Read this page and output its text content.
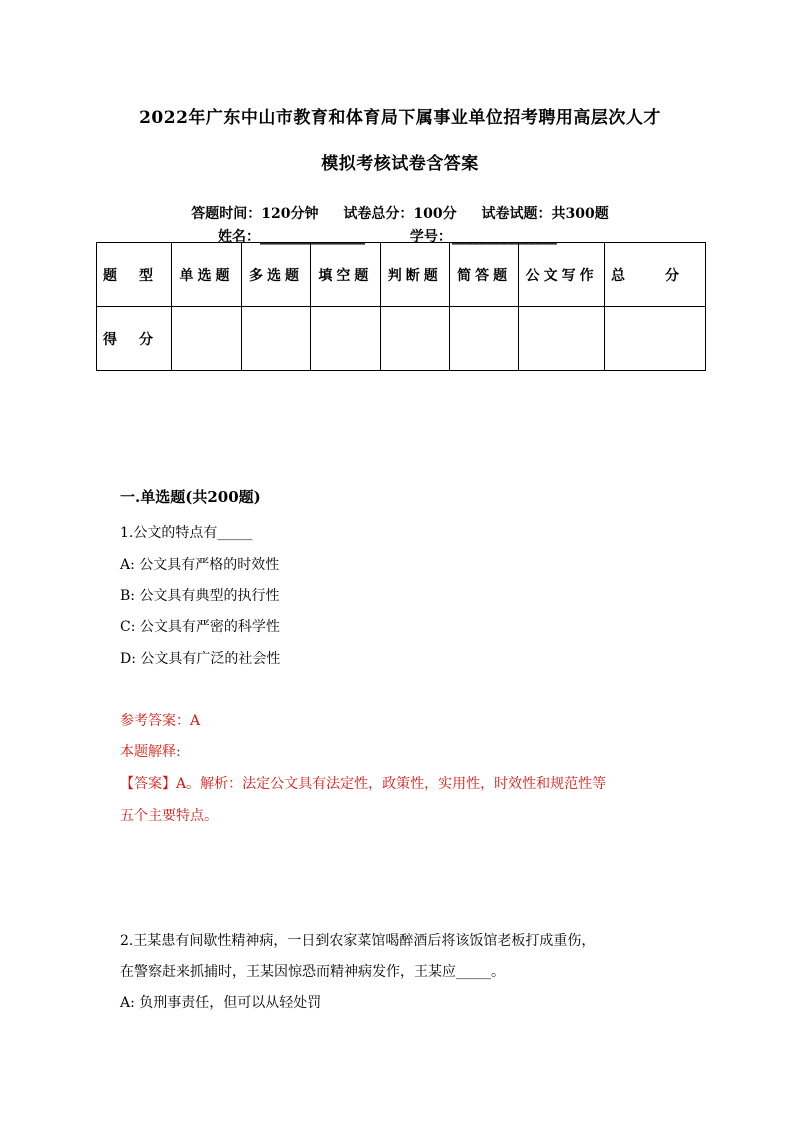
2022年广东中山市教育和体育局下属事业单位招考聘用高层次人才
模拟考核试卷含答案
答题时间：120分钟 试卷总分：100分 试卷试题：共300题
姓名：_______________	学号：_______________
题　型	单选题	多选题	填空题	判断题	简答题	公文写作	总　　分
得　分							
一.单选题(共200题)
1.公文的特点有_____
A: 公文具有严格的时效性
B: 公文具有典型的执行性
C: 公文具有严密的科学性
D: 公文具有广泛的社会性
参考答案：A
本题解释:
【答案】A。解析：法定公文具有法定性，政策性，实用性，时效性和规范性等
五个主要特点。
2.王某患有间歇性精神病，一日到农家菜馆喝醉酒后将该饭馆老板打成重伤，
在警察赶来抓捕时，王某因惊恐而精神病发作，王某应_____。
A: 负刑事责任，但可以从轻处罚
